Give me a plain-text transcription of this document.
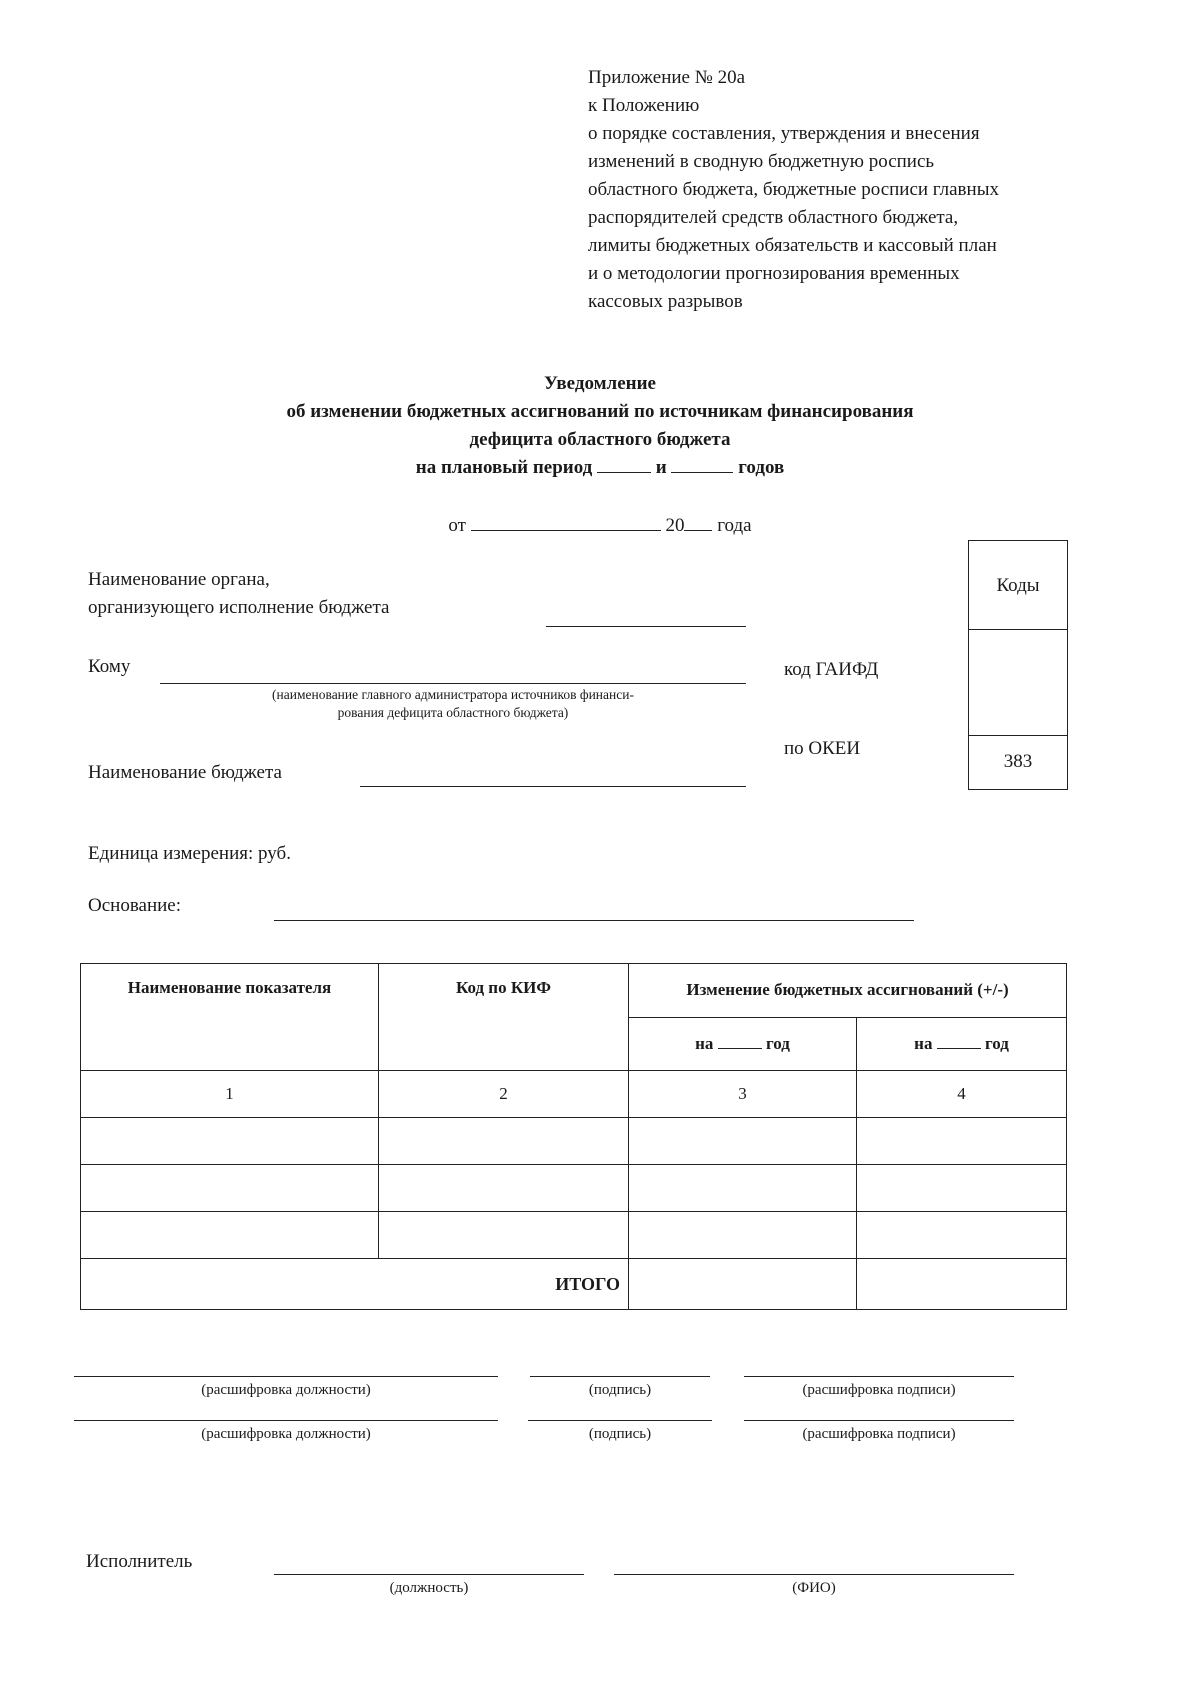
Приложение № 20а
к Положению
о порядке составления, утверждения и внесения
изменений в сводную бюджетную роспись
областного бюджета, бюджетные росписи главных
распорядителей средств областного бюджета,
лимиты бюджетных обязательств и кассовый план
и о методологии прогнозирования временных
кассовых разрывов
Уведомление
об изменении бюджетных ассигнований по источникам финансирования
дефицита областного бюджета
на плановый период	и	годов
от	20 года
Наименование органа,
организующего исполнение бюджета
Кому
(наименование главного администратора источников финанси-
рования дефицита областного бюджета)
код ГАИФД
по ОКЕИ
Наименование бюджета
Коды
383
Единица измерения: руб.
Основание:
Наименование показателя	Код по КИФ	Изменение бюджетных ассигнований (+/-)	
		на год	на год
1	2	3	4

ИТОГО			
(расшифровка должности)	(подпись)	(расшифровка подписи)
(расшифровка должности)	(подпись)	(расшифровка подписи)
Исполнитель
(должность)	(ФИО)
